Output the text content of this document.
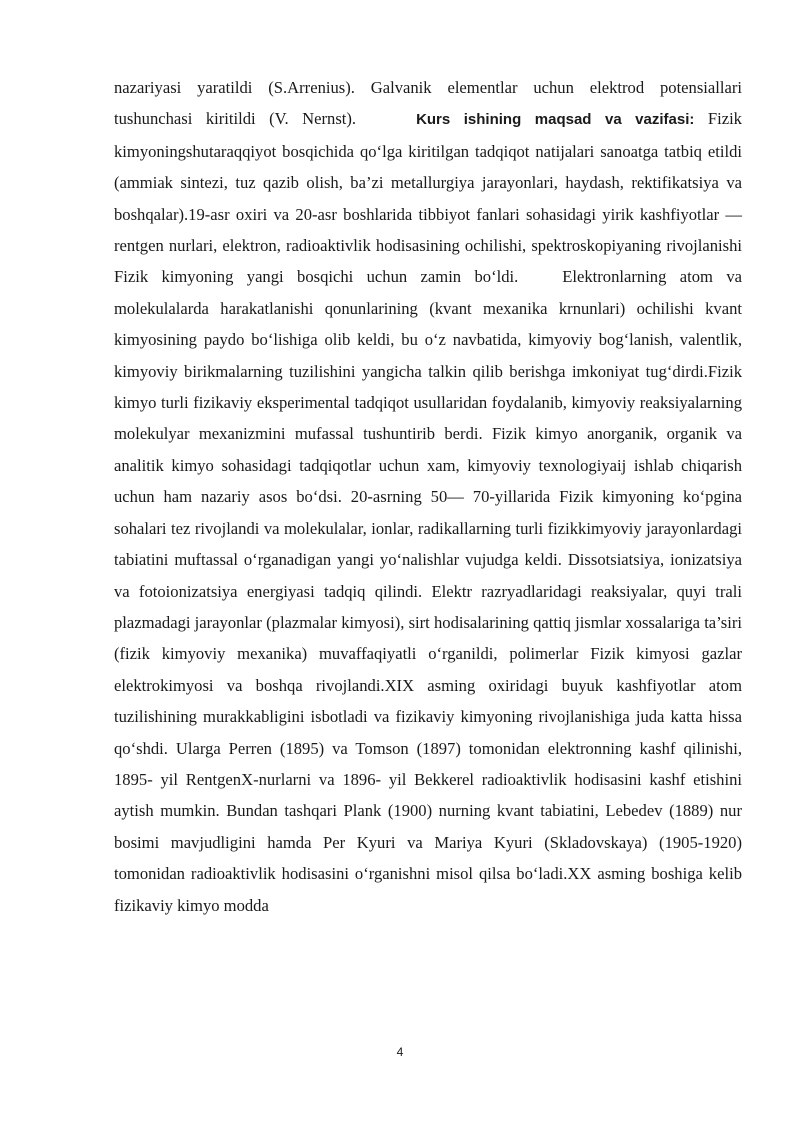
nazariyasi yaratildi (S.Arrenius). Galvanik elementlar uchun elektrod potensiallari tushunchasi kiritildi (V. Nernst).	Kurs ishining maqsad va vazifasi: Fizik kimyoningshutaraqqiyot bosqichida qo‘lga kiritilgan tadqiqot natijalari sanoatga tatbiq etildi (ammiak sintezi, tuz qazib olish, ba’zi metallurgiya jarayonlari, haydash, rektifikatsiya va boshqalar).19-asr oxiri va 20-asr boshlarida tibbiyot fanlari sohasidagi yirik kashfiyotlar — rentgen nurlari, elektron, radioaktivlik hodisasining ochilishi, spektroskopiyaning rivojlanishi Fizik kimyoning yangi bosqichi uchun zamin bo‘ldi.	Elektronlarning atom va molekulalarda harakatlanishi qonunlarining (kvant mexanika krnunlari) ochilishi kvant kimyosining paydo bo‘lishiga olib keldi, bu o‘z navbatida, kimyoviy bog‘lanish, valentlik, kimyoviy birikmalarning tuzilishini yangicha talkin qilib berishga imkoniyat tug‘dirdi.Fizik kimyo turli fizikaviy eksperimental tadqiqot usullaridan foydalanib, kimyoviy reaksiyalarning molekulyar mexanizmini mufassal tushuntirib berdi. Fizik kimyo anorganik, organik va analitik kimyo sohasidagi tadqiqotlar uchun xam, kimyoviy texnologiyaij ishlab chiqarish uchun ham nazariy asos bo‘dsi. 20-asrning 50— 70-yillarida Fizik kimyoning ko‘pgina sohalari tez rivojlandi va molekulalar, ionlar, radikallarning turli fizikkimyoviy jarayonlardagi tabiatini muftassal o‘rganadigan yangi yo‘nalishlar vujudga keldi. Dissotsiatsiya, ionizatsiya va fotoionizatsiya energiyasi tadqiq qilindi. Elektr razryadlaridagi reaksiyalar, quyi trali plazmadagi jarayonlar (plazmalar kimyosi), sirt hodisalarining qattiq jismlar xossalariga ta’siri (fizik kimyoviy mexanika) muvaffaqiyatli o‘rganildi, polimerlar Fizik kimyosi gazlar elektrokimyosi va boshqa rivojlandi.XIX asming oxiridagi buyuk kashfiyotlar atom tuzilishining murakkabligini isbotladi va fizikaviy kimyoning rivojlanishiga juda katta hissa qo‘shdi. Ularga Perren (1895) va Tomson (1897) tomonidan elektronning kashf qilinishi, 1895- yil RentgenX-nurlarni va 1896- yil Bekkerel radioaktivlik hodisasini kashf etishini aytish mumkin. Bundan tashqari Plank (1900) nurning kvant tabiatini, Lebedev (1889) nur bosimi mavjudligini hamda Per Kyuri va Mariya Kyuri (Skladovskaya) (1905-1920) tomonidan radioaktivlik hodisasini o‘rganishni misol qilsa bo‘ladi.XX asming boshiga kelib fizikaviy kimyo modda

4
